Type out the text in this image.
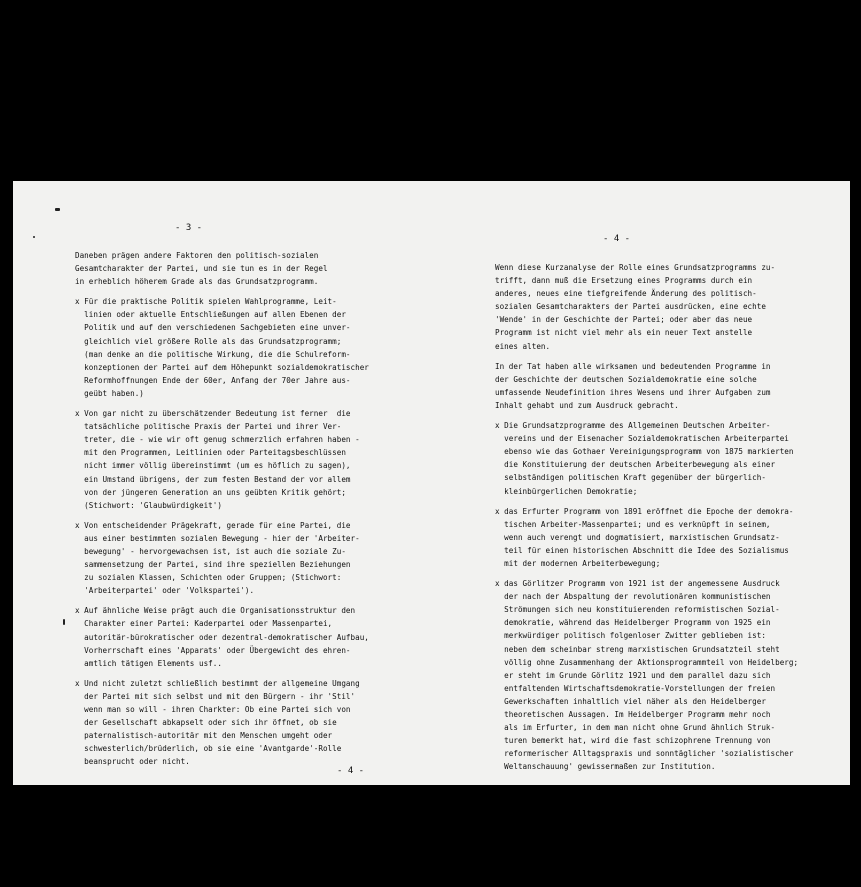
- 3 -
Daneben prägen andere Faktoren den politisch-sozialen
Gesamtcharakter der Partei, und sie tun es in der Regel
in erheblich höherem Grade als das Grundsatzprogramm.
x Für die praktische Politik spielen Wahlprogramme, Leit-
linien oder aktuelle Entschließungen auf allen Ebenen der
Politik und auf den verschiedenen Sachgebieten eine unver-
gleichlich viel größere Rolle als das Grundsatzprogramm;
(man denke an die politische Wirkung, die die Schulreform-
konzeptionen der Partei auf dem Höhepunkt sozialdemokratischer
Reformhoffnungen Ende der 60er, Anfang der 70er Jahre aus-
geübt haben.)
x Von gar nicht zu überschätzender Bedeutung ist ferner  die
tatsächliche politische Praxis der Partei und ihrer Ver-
treter, die - wie wir oft genug schmerzlich erfahren haben -
mit den Programmen, Leitlinien oder Parteitagsbeschlüssen
nicht immer völlig übereinstimmt (um es höflich zu sagen),
ein Umstand übrigens, der zum festen Bestand der vor allem
von der jüngeren Generation an uns geübten Kritik gehört;
(Stichwort: 'Glaubwürdigkeit')
x Von entscheidender Prägekraft, gerade für eine Partei, die
aus einer bestimmten sozialen Bewegung - hier der 'Arbeiter-
bewegung' - hervorgewachsen ist, ist auch die soziale Zu-
sammensetzung der Partei, sind ihre speziellen Beziehungen
zu sozialen Klassen, Schichten oder Gruppen; (Stichwort:
'Arbeiterpartei' oder 'Volkspartei').
x Auf ähnliche Weise prägt auch die Organisationsstruktur den
Charakter einer Partei: Kaderpartei oder Massenpartei,
autoritär-bürokratischer oder dezentral-demokratischer Aufbau,
Vorherrschaft eines 'Apparats' oder Übergewicht des ehren-
amtlich tätigen Elements usf..
x Und nicht zuletzt schließlich bestimmt der allgemeine Umgang
der Partei mit sich selbst und mit den Bürgern - ihr 'Stil'
wenn man so will - ihren Charkter: Ob eine Partei sich von
der Gesellschaft abkapselt oder sich ihr öffnet, ob sie
paternalistisch-autoritär mit den Menschen umgeht oder
schwesterlich/brüderlich, ob sie eine 'Avantgarde'-Rolle
beansprucht oder nicht.
- 4 -
- 4 -
Wenn diese Kurzanalyse der Rolle eines Grundsatzprogramms zu-
trifft, dann muß die Ersetzung eines Programms durch ein
anderes, neues eine tiefgreifende Änderung des politisch-
sozialen Gesamtcharakters der Partei ausdrücken, eine echte
'Wende' in der Geschichte der Partei; oder aber das neue
Programm ist nicht viel mehr als ein neuer Text anstelle
eines alten.
In der Tat haben alle wirksamen und bedeutenden Programme in
der Geschichte der deutschen Sozialdemokratie eine solche
umfassende Neudefinition ihres Wesens und ihrer Aufgaben zum
Inhalt gehabt und zum Ausdruck gebracht.
x Die Grundsatzprogramme des Allgemeinen Deutschen Arbeiter-
vereins und der Eisenacher Sozialdemokratischen Arbeiterpartei
ebenso wie das Gothaer Vereinigungsprogramm von 1875 markierten
die Konstituierung der deutschen Arbeiterbewegung als einer
selbständigen politischen Kraft gegenüber der bürgerlich-
kleinbürgerlichen Demokratie;
x das Erfurter Programm von 1891 eröffnet die Epoche der demokra-
tischen Arbeiter-Massenpartei; und es verknüpft in seinem,
wenn auch verengt und dogmatisiert, marxistischen Grundsatz-
teil für einen historischen Abschnitt die Idee des Sozialismus
mit der modernen Arbeiterbewegung;
x das Görlitzer Programm von 1921 ist der angemessene Ausdruck
der nach der Abspaltung der revolutionären kommunistischen
Strömungen sich neu konstituierenden reformistischen Sozial-
demokratie, während das Heidelberger Programm von 1925 ein
merkwürdiger politisch folgenloser Zwitter geblieben ist:
neben dem scheinbar streng marxistischen Grundsatzteil steht
völlig ohne Zusammenhang der Aktionsprogrammteil von Heidelberg;
er steht im Grunde Görlitz 1921 und dem parallel dazu sich
entfaltenden Wirtschaftsdemokratie-Vorstellungen der freien
Gewerkschaften inhaltlich viel näher als den Heidelberger
theoretischen Aussagen. Im Heidelberger Programm mehr noch
als im Erfurter, in dem man nicht ohne Grund ähnlich Struk-
turen bemerkt hat, wird die fast schizophrene Trennung von
reformerischer Alltagspraxis und sonntäglicher 'sozialistischer
Weltanschauung' gewissermaßen zur Institution.
